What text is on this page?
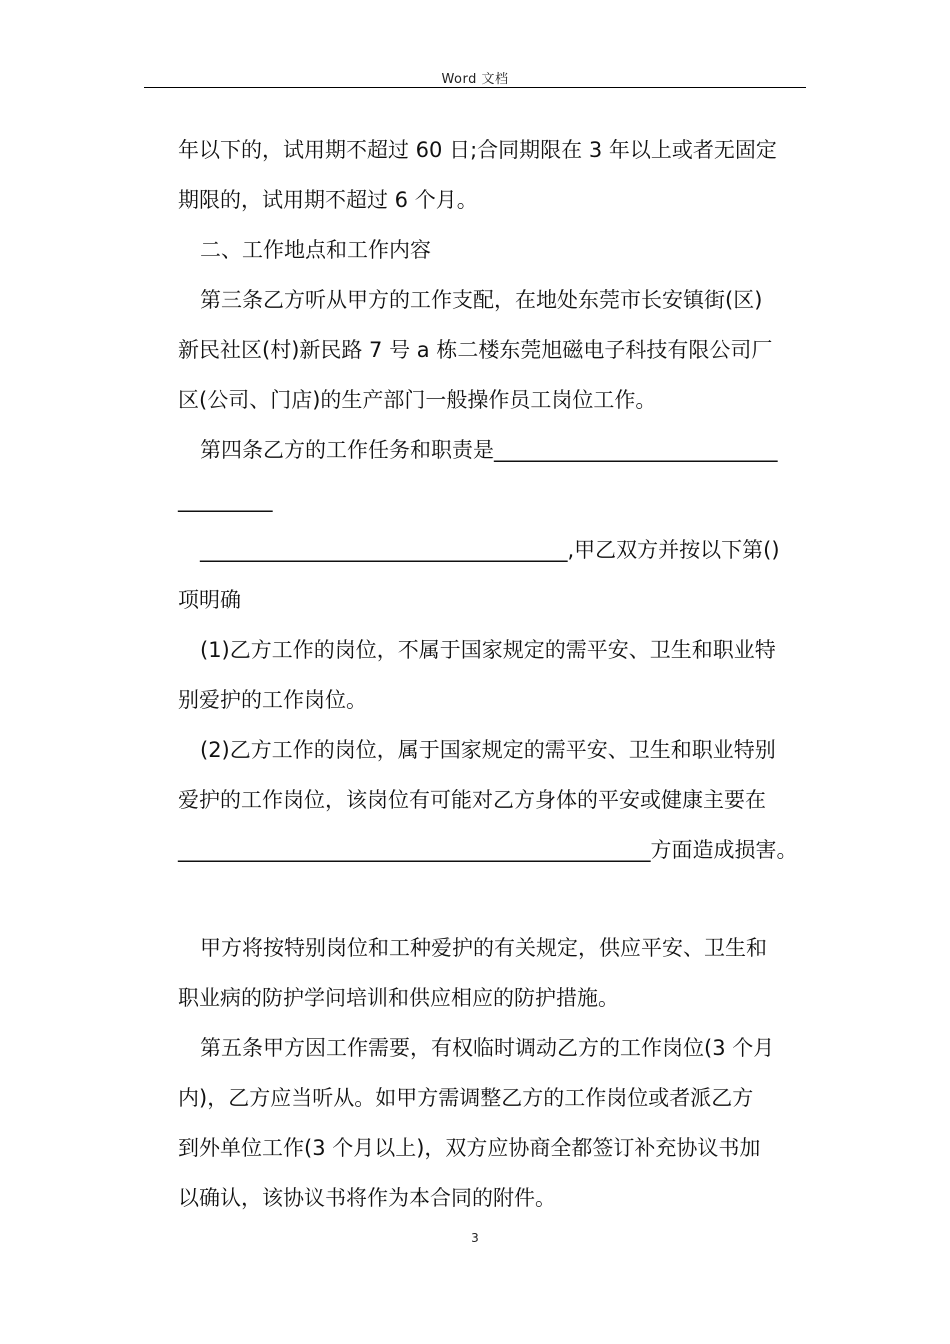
Word 文档
年以下的，试用期不超过 60 日;合同期限在 3 年以上或者无固定
期限的，试用期不超过 6 个月。
二、工作地点和工作内容
第三条乙方听从甲方的工作支配，在地处东莞市长安镇街(区)
新民社区(村)新民路 7 号 a 栋二楼东莞旭磁电子科技有限公司厂
区(公司、门店)的生产部门一般操作员工岗位工作。
第四条乙方的工作任务和职责是___________________________
_________
___________________________________,甲乙双方并按以下第()
项明确
(1)乙方工作的岗位，不属于国家规定的需平安、卫生和职业特
别爱护的工作岗位。
(2)乙方工作的岗位，属于国家规定的需平安、卫生和职业特别
爱护的工作岗位，该岗位有可能对乙方身体的平安或健康主要在
_____________________________________________方面造成损害。
甲方将按特别岗位和工种爱护的有关规定，供应平安、卫生和
职业病的防护学问培训和供应相应的防护措施。
第五条甲方因工作需要，有权临时调动乙方的工作岗位(3 个月
内)，乙方应当听从。如甲方需调整乙方的工作岗位或者派乙方
到外单位工作(3 个月以上)，双方应协商全都签订补充协议书加
以确认，该协议书将作为本合同的附件。
3
